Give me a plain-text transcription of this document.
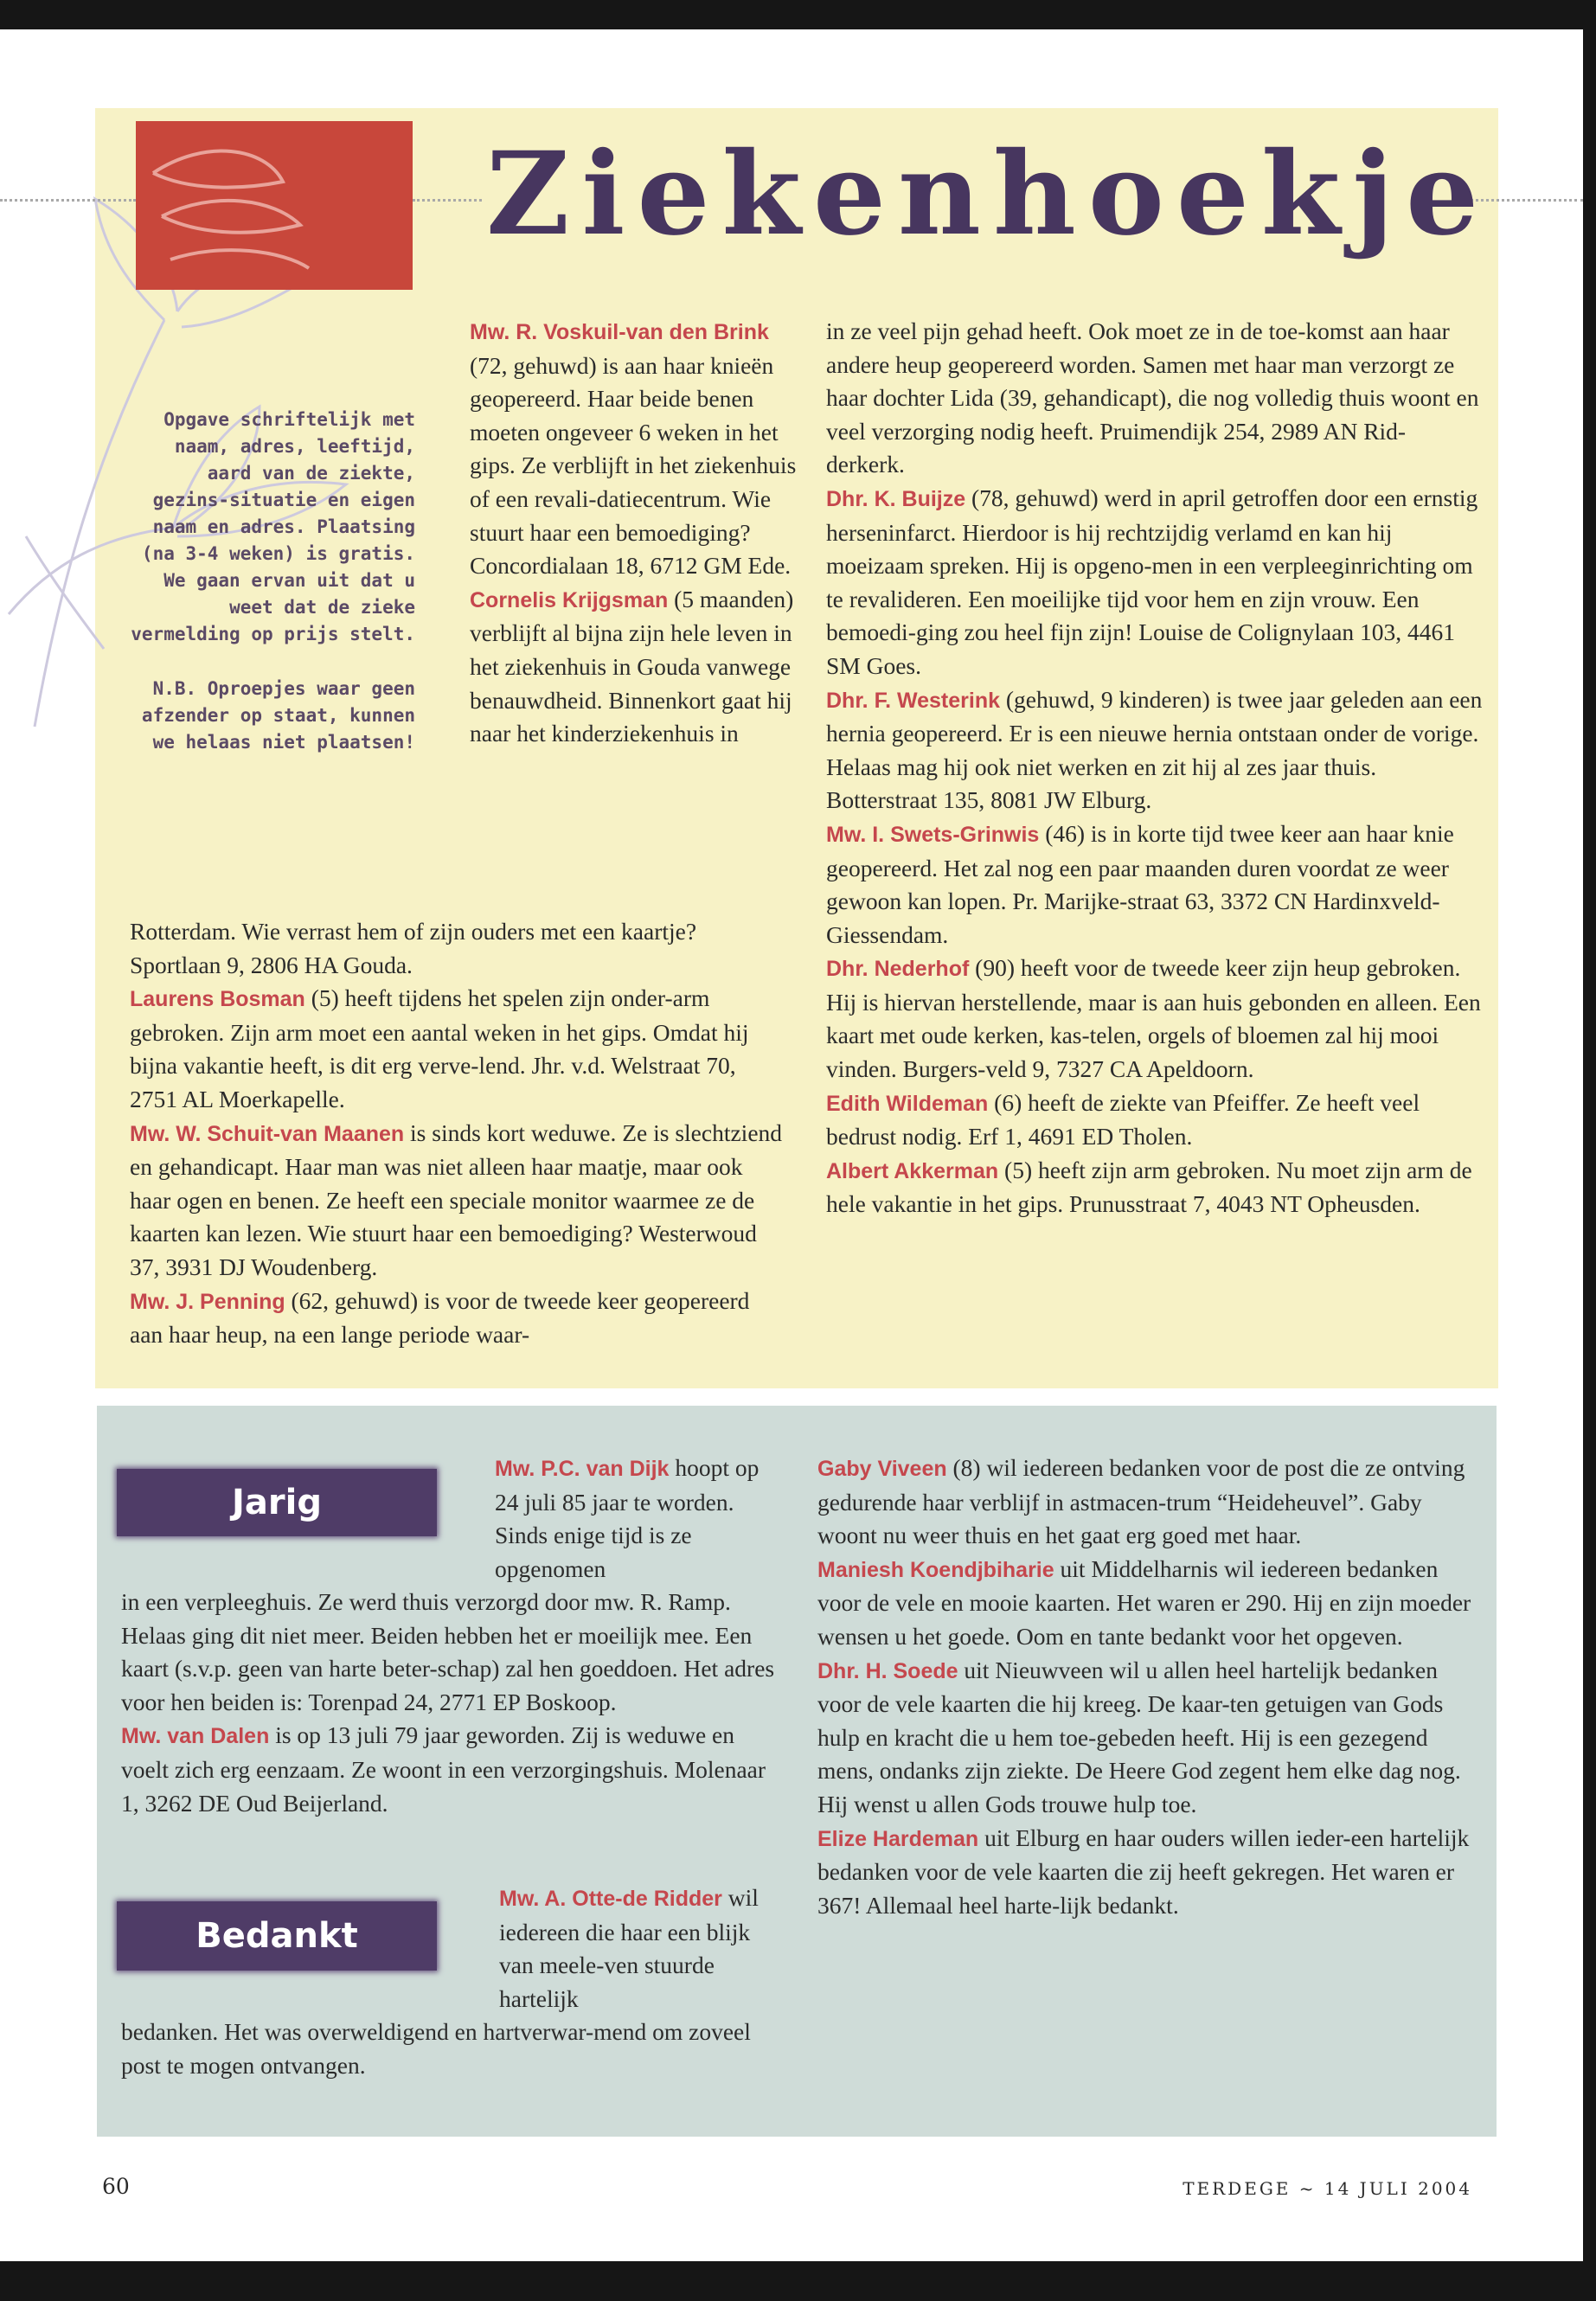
Ziekenhoekje

Opgave schriftelijk met naam, adres, leeftijd, aard van de ziekte, gezins-situatie en eigen naam en adres. Plaatsing (na 3-4 weken) is gratis. We gaan ervan uit dat u weet dat de zieke vermelding op prijs stelt.

N.B. Oproepjes waar geen afzender op staat, kunnen we helaas niet plaatsen!

Mw. R. Voskuil-van den Brink (72, gehuwd) is aan haar knieën geopereerd. Haar beide benen moeten ongeveer 6 weken in het gips. Ze verblijft in het ziekenhuis of een revali-datiecentrum. Wie stuurt haar een bemoediging? Concordialaan 18, 6712 GM Ede.

Cornelis Krijgsman (5 maanden) verblijft al bijna zijn hele leven in het ziekenhuis in Gouda vanwege benauwdheid. Binnenkort gaat hij naar het kinderziekenhuis in

Rotterdam. Wie verrast hem of zijn ouders met een kaartje? Sportlaan 9, 2806 HA Gouda.

Laurens Bosman (5) heeft tijdens het spelen zijn onder-arm gebroken. Zijn arm moet een aantal weken in het gips. Omdat hij bijna vakantie heeft, is dit erg verve-lend. Jhr. v.d. Welstraat 70, 2751 AL Moerkapelle.

Mw. W. Schuit-van Maanen is sinds kort weduwe. Ze is slechtziend en gehandicapt. Haar man was niet alleen haar maatje, maar ook haar ogen en benen. Ze heeft een speciale monitor waarmee ze de kaarten kan lezen. Wie stuurt haar een bemoediging? Westerwoud 37, 3931 DJ Woudenberg.

Mw. J. Penning (62, gehuwd) is voor de tweede keer geopereerd aan haar heup, na een lange periode waar-

in ze veel pijn gehad heeft. Ook moet ze in de toe-komst aan haar andere heup geopereerd worden. Samen met haar man verzorgt ze haar dochter Lida (39, gehandicapt), die nog volledig thuis woont en veel verzorging nodig heeft. Pruimendijk 254, 2989 AN Rid-derkerk.

Dhr. K. Buijze (78, gehuwd) werd in april getroffen door een ernstig herseninfarct. Hierdoor is hij rechtzijdig verlamd en kan hij moeizaam spreken. Hij is opgeno-men in een verpleeginrichting om te revalideren. Een moeilijke tijd voor hem en zijn vrouw. Een bemoedi-ging zou heel fijn zijn! Louise de Colignylaan 103, 4461 SM Goes.

Dhr. F. Westerink (gehuwd, 9 kinderen) is twee jaar geleden aan een hernia geopereerd. Er is een nieuwe hernia ontstaan onder de vorige. Helaas mag hij ook niet werken en zit hij al zes jaar thuis. Botterstraat 135, 8081 JW Elburg.

Mw. I. Swets-Grinwis (46) is in korte tijd twee keer aan haar knie geopereerd. Het zal nog een paar maanden duren voordat ze weer gewoon kan lopen. Pr. Marijke-straat 63, 3372 CN Hardinxveld-Giessendam.

Dhr. Nederhof (90) heeft voor de tweede keer zijn heup gebroken. Hij is hiervan herstellende, maar is aan huis gebonden en alleen. Een kaart met oude kerken, kas-telen, orgels of bloemen zal hij mooi vinden. Burgers-veld 9, 7327 CA Apeldoorn.

Edith Wildeman (6) heeft de ziekte van Pfeiffer. Ze heeft veel bedrust nodig. Erf 1, 4691 ED Tholen.

Albert Akkerman (5) heeft zijn arm gebroken. Nu moet zijn arm de hele vakantie in het gips. Prunusstraat 7, 4043 NT Opheusden.

Jarig

Mw. P.C. van Dijk hoopt op 24 juli 85 jaar te worden. Sinds enige tijd is ze opgenomen

in een verpleeghuis. Ze werd thuis verzorgd door mw. R. Ramp. Helaas ging dit niet meer. Beiden hebben het er moeilijk mee. Een kaart (s.v.p. geen van harte beter-schap) zal hen goeddoen. Het adres voor hen beiden is: Torenpad 24, 2771 EP Boskoop.

Mw. van Dalen is op 13 juli 79 jaar geworden. Zij is weduwe en voelt zich erg eenzaam. Ze woont in een verzorgingshuis. Molenaar 1, 3262 DE Oud Beijerland.

Bedankt

Mw. A. Otte-de Ridder wil iedereen die haar een blijk van meele-ven stuurde hartelijk

bedanken. Het was overweldigend en hartverwar-mend om zoveel post te mogen ontvangen.

Gaby Viveen (8) wil iedereen bedanken voor de post die ze ontving gedurende haar verblijf in astmacen-trum “Heideheuvel”. Gaby woont nu weer thuis en het gaat erg goed met haar.

Maniesh Koendjbiharie uit Middelharnis wil iedereen bedanken voor de vele en mooie kaarten. Het waren er 290. Hij en zijn moeder wensen u het goede. Oom en tante bedankt voor het opgeven.

Dhr. H. Soede uit Nieuwveen wil u allen heel hartelijk bedanken voor de vele kaarten die hij kreeg. De kaar-ten getuigen van Gods hulp en kracht die u hem toe-gebeden heeft. Hij is een gezegend mens, ondanks zijn ziekte. De Heere God zegent hem elke dag nog. Hij wenst u allen Gods trouwe hulp toe.

Elize Hardeman uit Elburg en haar ouders willen ieder-een hartelijk bedanken voor de vele kaarten die zij heeft gekregen. Het waren er 367! Allemaal heel harte-lijk bedankt.

60	TERDEGE ~ 14 JULI 2004
